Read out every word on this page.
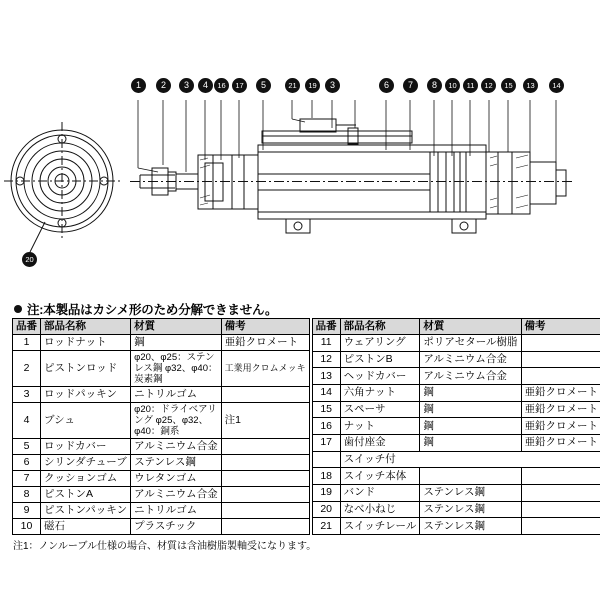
1	2	3	4	16	17	5	21	19	3	6	7	8	10	11	12	15	13	14
20
注:本製品はカシメ形のため分解できません。
品番	部品名称	材質	備考
1	ロッドナット	鋼	亜鉛クロメート
2	ピストンロッド	φ20、φ25：ステンレス鋼 φ32、φ40：炭素鋼	工業用クロムメッキ
3	ロッドパッキン	ニトリルゴム	
4	ブシュ	φ20：ドライベアリング φ25、φ32、φ40：銅系	注1
5	ロッドカバー	アルミニウム合金	
6	シリンダチューブ	ステンレス鋼	
7	クッションゴム	ウレタンゴム	
8	ピストンA	アルミニウム合金	
9	ピストンパッキン	ニトリルゴム	
10	磁石	プラスチック	
品番	部品名称	材質	備考
11	ウェアリング	ポリアセタール樹脂	
12	ピストンB	アルミニウム合金	
13	ヘッドカバー	アルミニウム合金	
14	六角ナット	鋼	亜鉛クロメート
15	スペーサ	鋼	亜鉛クロメート
16	ナット	鋼	亜鉛クロメート
17	歯付座金	鋼	亜鉛クロメート
	スイッチ付		
18	スイッチ本体		
19	バンド	ステンレス鋼	
20	なべ小ねじ	ステンレス鋼	
21	スイッチレール	ステンレス鋼	
注1：ノンルーブル仕様の場合、材質は含油樹脂製軸受になります。
